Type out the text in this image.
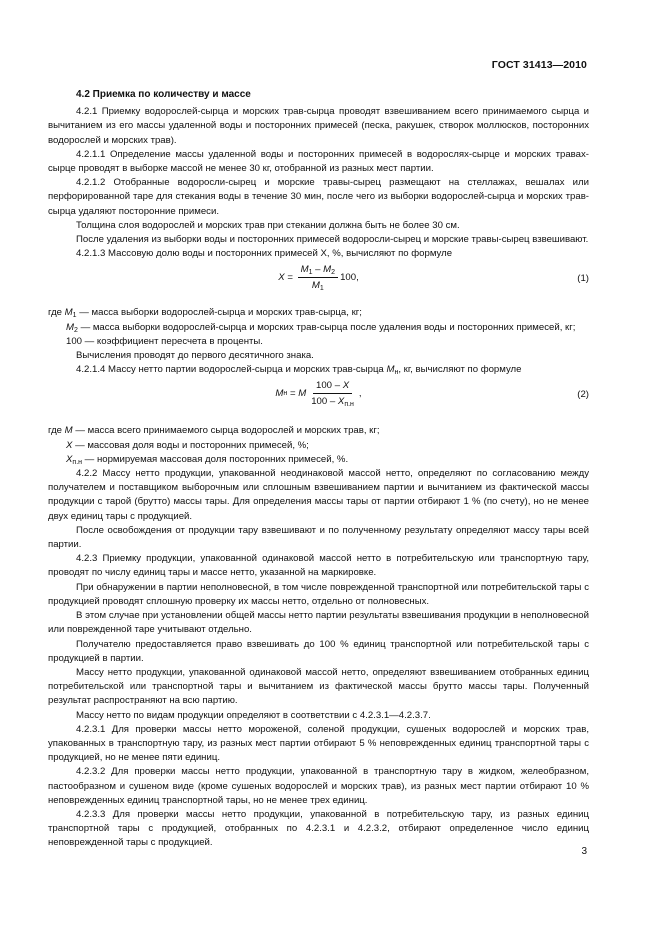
ГОСТ 31413—2010
4.2 Приемка по количеству и массе

4.2.1 Приемку водорослей-сырца и морских трав-сырца проводят взвешиванием всего принимаемого сырца и вычитанием из его массы удаленной воды и посторонних примесей (песка, ракушек, створок моллюсков, посторонних водорослей и морских трав).

4.2.1.1 Определение массы удаленной воды и посторонних примесей в водорослях-сырце и морских травах-сырце проводят в выборке массой не менее 30 кг, отобранной из разных мест партии.

4.2.1.2 Отобранные водоросли-сырец и морские травы-сырец размещают на стеллажах, вешалах или перфорированной таре для стекания воды в течение 30 мин, после чего из выборки водорослей-сырца и морских трав-сырца удаляют посторонние примеси.

Толщина слоя водорослей и морских трав при стекании должна быть не более 30 см.

После удаления из выборки воды и посторонних примесей водоросли-сырец и морские травы-сырец взвешивают.

4.2.1.3 Массовую долю воды и посторонних примесей X, %, вычисляют по формуле

X
=
$\frac{M_1 - M_2}{M_1} 100$,	(1)

где $M_1$ — масса выборки водорослей-сырца и морских трав-сырца, кг;

$M_2$ — масса выборки водорослей-сырца и морских трав-сырца после удаления воды и посторонних примесей, кг;

100 — коэффициент пересчета в проценты.

Вычисления проводят до первого десятичного знака.

4.2.1.4 Массу нетто партии водорослей-сырца и морских трав-сырца $M_н$, кг, вычисляют по формуле

M н
=
M $\frac{100 - X}{100 - X_{п.н}}$ ,	(2)

где M — масса всего принимаемого сырца водорослей и морских трав, кг;

X — массовая доля воды и посторонних примесей, %;

$X_{п.н}$ — нормируемая массовая доля посторонних примесей, %.

4.2.2 Массу нетто продукции, упакованной неодинаковой массой нетто, определяют по согласованию между получателем и поставщиком выборочным или сплошным взвешиванием партии и вычитанием из фактической массы продукции с тарой (брутто) массы тары. Для определения массы тары от партии отбирают 1 % (по счету), но не менее двух единиц тары с продукцией.

После освобождения от продукции тару взвешивают и по полученному результату определяют массу тары всей партии.

4.2.3 Приемку продукции, упакованной одинаковой массой нетто в потребительскую или транспортную тару, проводят по числу единиц тары и массе нетто, указанной на маркировке.

При обнаружении в партии неполновесной, в том числе поврежденной транспортной или потребительской тары с продукцией проводят сплошную проверку их массы нетто, отдельно от полновесных.

В этом случае при установлении общей массы нетто партии результаты взвешивания продукции в неполновесной или поврежденной таре учитывают отдельно.

Получателю предоставляется право взвешивать до 100 % единиц транспортной или потребительской тары с продукцией в партии.

Массу нетто продукции, упакованной одинаковой массой нетто, определяют взвешиванием отобранных единиц потребительской или транспортной тары и вычитанием из фактической массы брутто массы тары. Полученный результат распространяют на всю партию.

Массу нетто по видам продукции определяют в соответствии с 4.2.3.1—4.2.3.7.

4.2.3.1 Для проверки массы нетто мороженой, соленой продукции, сушеных водорослей и морских трав, упакованных в транспортную тару, из разных мест партии отбирают 5 % неповрежденных единиц транспортной тары с продукцией, но не менее пяти единиц.

4.2.3.2 Для проверки массы нетто продукции, упакованной в транспортную тару в жидком, желеобразном, пастообразном и сушеном виде (кроме сушеных водорослей и морских трав), из разных мест партии отбирают 10 % неповрежденных единиц транспортной тары, но не менее трех единиц.

4.2.3.3 Для проверки массы нетто продукции, упакованной в потребительскую тару, из разных единиц транспортной тары с продукцией, отобранных по 4.2.3.1 и 4.2.3.2, отбирают определенное число единиц неповрежденной тары с продукцией.

3
